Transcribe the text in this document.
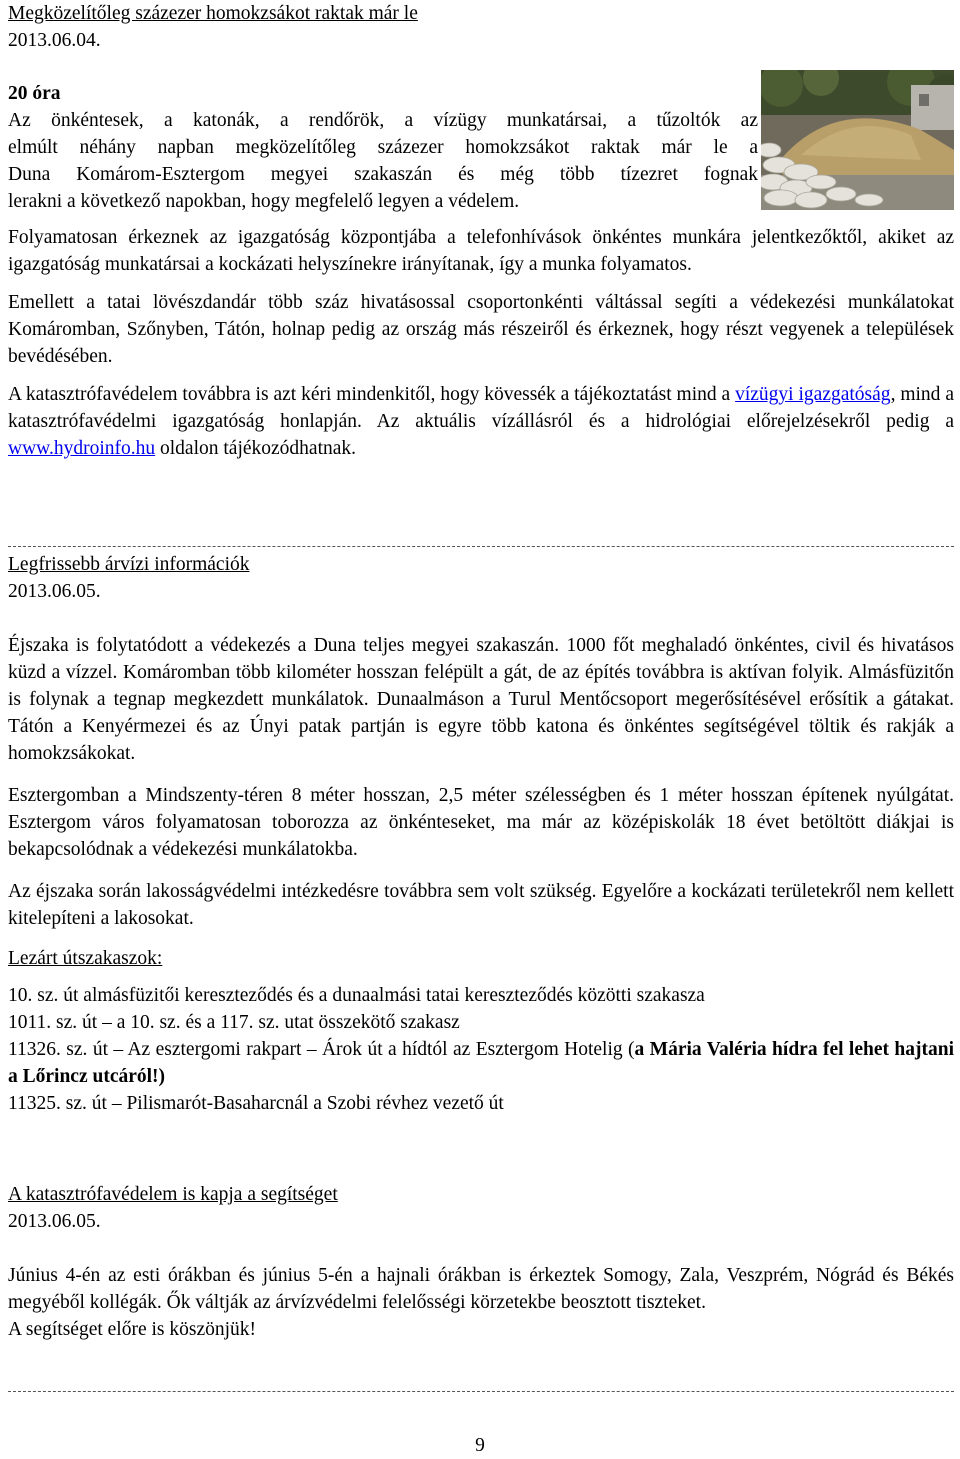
Megközelítőleg százezer homokzsákot raktak már le

2013.06.04.

20 óra

Az önkéntesek, a katonák, a rendőrök, a vízügy munkatársai, a tűzoltók az

elmúlt néhány napban megközelítőleg százezer homokzsákot raktak már le a

Duna Komárom-Esztergom megyei szakaszán és még több tízezret fognak

lerakni a következő napokban, hogy megfelelő legyen a védelem.

Folyamatosan érkeznek az igazgatóság központjába a telefonhívások önkéntes munkára jelentkezőktől, akiket az igazgatóság munkatársai a kockázati helyszínekre irányítanak, így a munka folyamatos.

Emellett a tatai lövészdandár több száz hivatásossal csoportonkénti váltással segíti a védekezési munkálatokat Komáromban, Szőnyben, Tátón, holnap pedig az ország más részeiről és érkeznek, hogy részt vegyenek a települések bevédésében.

A katasztrófavédelem továbbra is azt kéri mindenkitől, hogy kövessék a tájékoztatást mind a vízügyi igazgatóság, mind a katasztrófavédelmi igazgatóság honlapján. Az aktuális vízállásról és a hidrológiai előrejelzésekről pedig a www.hydroinfo.hu oldalon tájékozódhatnak.

Legfrissebb árvízi információk

2013.06.05.

Éjszaka is folytatódott a védekezés a Duna teljes megyei szakaszán. 1000 főt meghaladó önkéntes, civil és hivatásos küzd a vízzel. Komáromban több kilométer hosszan felépült a gát, de az építés továbbra is aktívan folyik. Almásfüzitőn is folynak a tegnap megkezdett munkálatok. Dunaalmáson a Turul Mentőcsoport megerősítésével erősítik a gátakat. Tátón a Kenyérmezei és az Únyi patak partján is egyre több katona és önkéntes segítségével töltik és rakják a homokzsákokat.

Esztergomban a Mindszenty-téren 8 méter hosszan, 2,5 méter szélességben és 1 méter hosszan építenek nyúlgátat. Esztergom város folyamatosan toborozza az önkénteseket, ma már az középiskolák 18 évet betöltött diákjai is bekapcsolódnak a védekezési munkálatokba.

Az éjszaka során lakosságvédelmi intézkedésre továbbra sem volt szükség. Egyelőre a kockázati területekről nem kellett kitelepíteni a lakosokat.

Lezárt útszakaszok:

10. sz. út almásfüzitői kereszteződés és a dunaalmási tatai kereszteződés közötti szakasza

1011. sz. út – a 10. sz. és a 117. sz. utat összekötő szakasz

11326. sz. út – Az esztergomi rakpart – Árok út a hídtól az Esztergom Hotelig (a Mária Valéria hídra fel lehet hajtani a Lőrincz utcáról!)

11325. sz. út – Pilismarót-Basaharcnál a Szobi révhez vezető út

A katasztrófavédelem is kapja a segítséget

2013.06.05.

Június 4-én az esti órákban és június 5-én a hajnali órákban is érkeztek Somogy, Zala, Veszprém, Nógrád és Békés megyéből kollégák. Ők váltják az árvízvédelmi felelősségi körzetekbe beosztott tiszteket.

A segítséget előre is köszönjük!

9
